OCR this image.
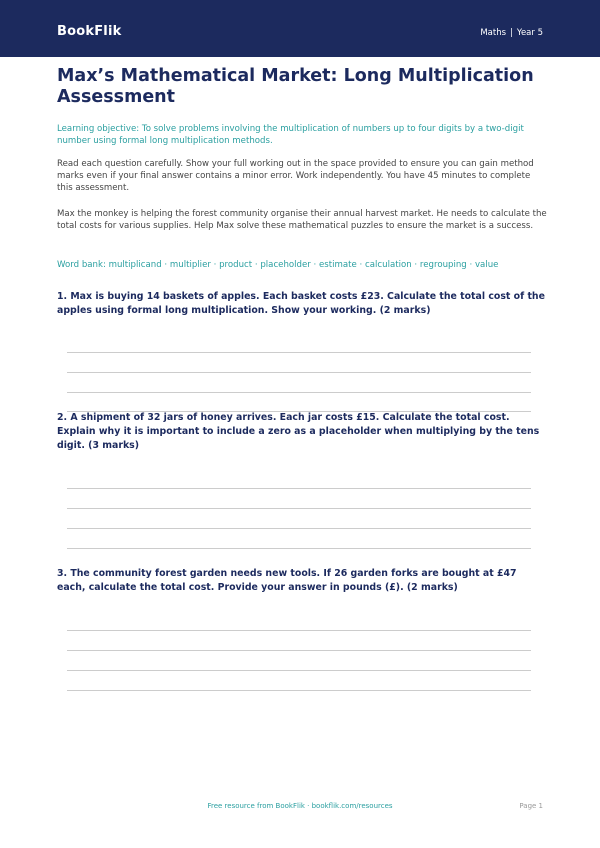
BookFlik	Maths | Year 5
Max’s Mathematical Market: Long Multiplication Assessment
Learning objective: To solve problems involving the multiplication of numbers up to four digits by a two-digit number using formal long multiplication methods.
Read each question carefully. Show your full working out in the space provided to ensure you can gain method marks even if your final answer contains a minor error. Work independently. You have 45 minutes to complete this assessment.
Max the monkey is helping the forest community organise their annual harvest market. He needs to calculate the total costs for various supplies. Help Max solve these mathematical puzzles to ensure the market is a success.
Word bank: multiplicand · multiplier · product · placeholder · estimate · calculation · regrouping · value
1. Max is buying 14 baskets of apples. Each basket costs £23. Calculate the total cost of the apples using formal long multiplication. Show your working. (2 marks)
2. A shipment of 32 jars of honey arrives. Each jar costs £15. Calculate the total cost. Explain why it is important to include a zero as a placeholder when multiplying by the tens digit. (3 marks)
3. The community forest garden needs new tools. If 26 garden forks are bought at £47 each, calculate the total cost. Provide your answer in pounds (£). (2 marks)
Free resource from BookFlik · bookflik.com/resources	Page 1
